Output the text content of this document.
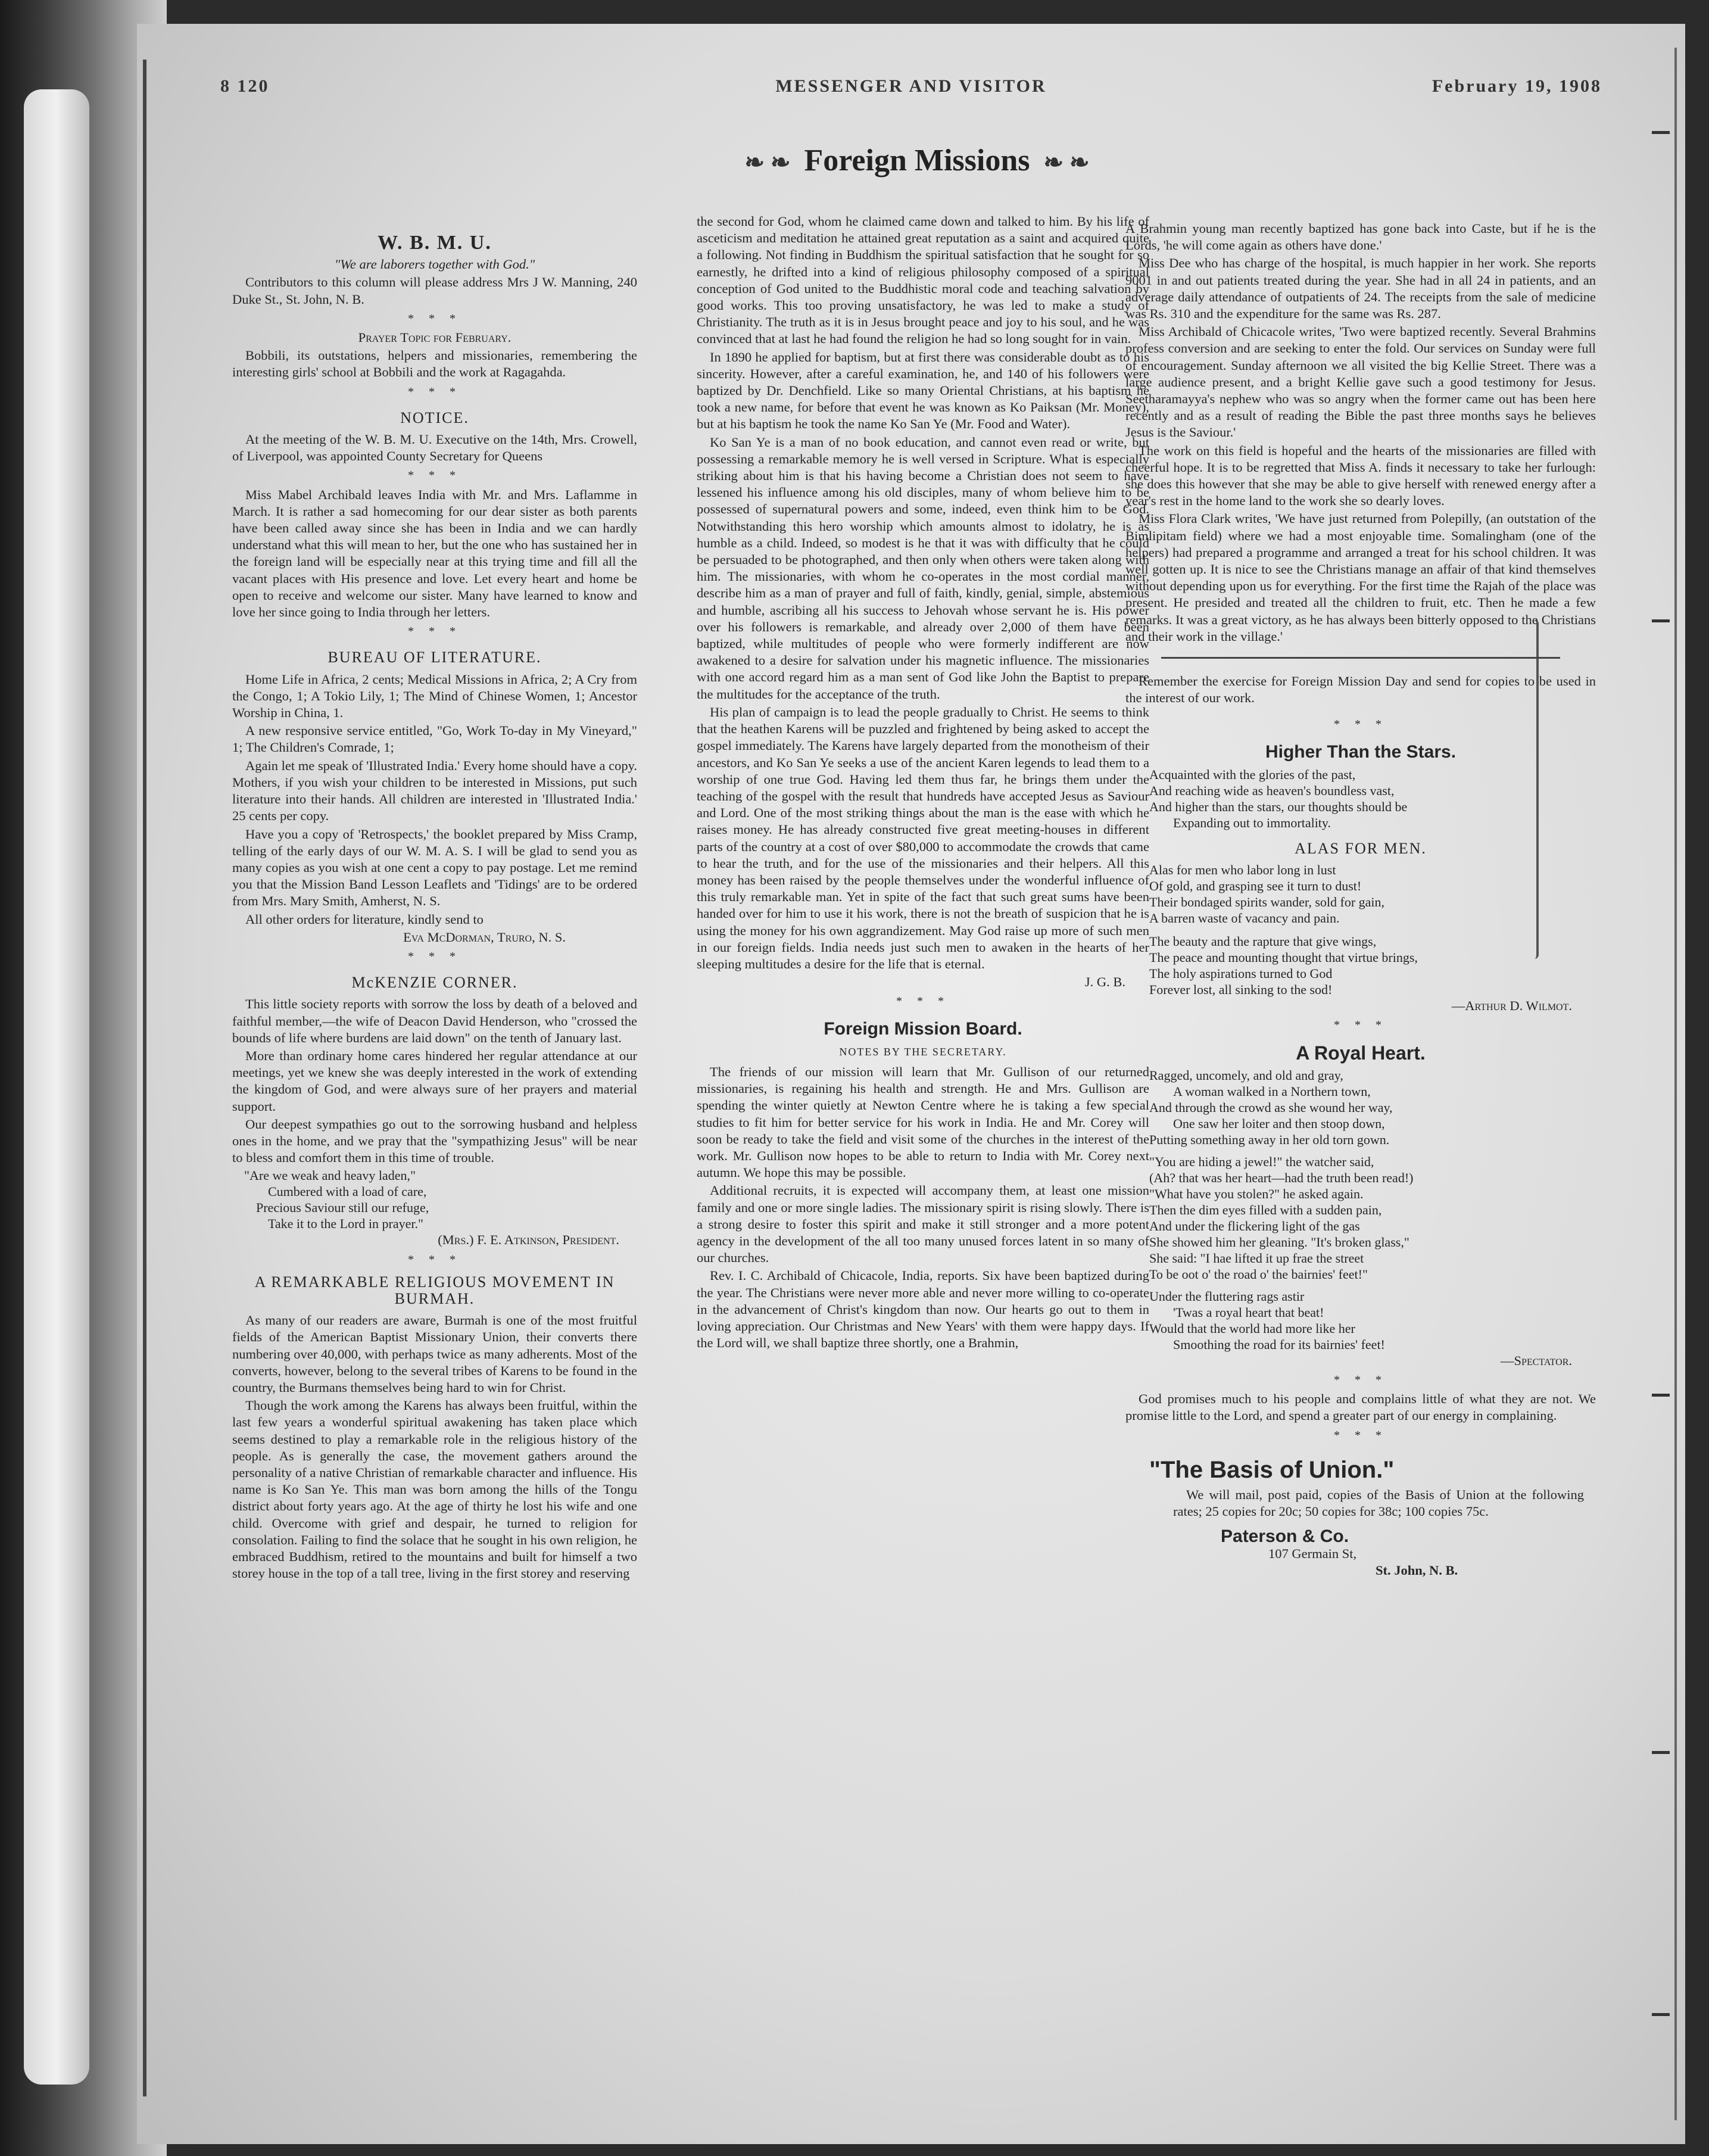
8 120	MESSENGER AND VISITOR	February 19, 1908
❧ ❧ Foreign Missions ❧ ❧
W. B. M. U.

"We are laborers together with God."

Contributors to this column will please address Mrs J W. Manning, 240 Duke St., St. John, N. B.

* * *

Prayer Topic for February.

Bobbili, its outstations, helpers and missionaries, remembering the interesting girls' school at Bobbili and the work at Ragagahda.

* * *
NOTICE.

At the meeting of the W. B. M. U. Executive on the 14th, Mrs. Crowell, of Liverpool, was appointed County Secretary for Queens

* * *

Miss Mabel Archibald leaves India with Mr. and Mrs. Laflamme in March. It is rather a sad homecoming for our dear sister as both parents have been called away since she has been in India and we can hardly understand what this will mean to her, but the one who has sustained her in the foreign land will be especially near at this trying time and fill all the vacant places with His presence and love. Let every heart and home be open to receive and welcome our sister. Many have learned to know and love her since going to India through her letters.

* * *
BUREAU OF LITERATURE.

Home Life in Africa, 2 cents; Medical Missions in Africa, 2; A Cry from the Congo, 1; A Tokio Lily, 1; The Mind of Chinese Women, 1; Ancestor Worship in China, 1.

A new responsive service entitled, "Go, Work To-day in My Vineyard," 1; The Children's Comrade, 1;

Again let me speak of 'Illustrated India.' Every home should have a copy. Mothers, if you wish your children to be interested in Missions, put such literature into their hands. All children are interested in 'Illustrated India.' 25 cents per copy.

Have you a copy of 'Retrospects,' the booklet prepared by Miss Cramp, telling of the early days of our W. M. A. S. I will be glad to send you as many copies as you wish at one cent a copy to pay postage. Let me remind you that the Mission Band Lesson Leaflets and 'Tidings' are to be ordered from Mrs. Mary Smith, Amherst, N. S.

All other orders for literature, kindly send to

Eva McDorman, Truro, N. S.

* * *
McKENZIE CORNER.

This little society reports with sorrow the loss by death of a beloved and faithful member,—the wife of Deacon David Henderson, who "crossed the bounds of life where burdens are laid down" on the tenth of January last.

More than ordinary home cares hindered her regular attendance at our meetings, yet we knew she was deeply interested in the work of extending the kingdom of God, and were always sure of her prayers and material support.

Our deepest sympathies go out to the sorrowing husband and helpless ones in the home, and we pray that the "sympathizing Jesus" will be near to bless and comfort them in this time of trouble.

"Are we weak and heavy laden,"
Cumbered with a load of care,
Precious Saviour still our refuge,
Take it to the Lord in prayer."

(Mrs.) F. E. Atkinson, President.

* * *
A REMARKABLE RELIGIOUS MOVEMENT IN BURMAH.

As many of our readers are aware, Burmah is one of the most fruitful fields of the American Baptist Missionary Union, their converts there numbering over 40,000, with perhaps twice as many adherents. Most of the converts, however, belong to the several tribes of Karens to be found in the country, the Burmans themselves being hard to win for Christ.

Though the work among the Karens has always been fruitful, within the last few years a wonderful spiritual awakening has taken place which seems destined to play a remarkable role in the religious history of the people. As is generally the case, the movement gathers around the personality of a native Christian of remarkable character and influence. His name is Ko San Ye. This man was born among the hills of the Tongu district about forty years ago. At the age of thirty he lost his wife and one child. Overcome with grief and despair, he turned to religion for consolation. Failing to find the solace that he sought in his own religion, he embraced Buddhism, retired to the mountains and built for himself a two storey house in the top of a tall tree, living in the first storey and reserving

the second for God, whom he claimed came down and talked to him. By his life of asceticism and meditation he attained great reputation as a saint and acquired quite a following. Not finding in Buddhism the spiritual satisfaction that he sought for so earnestly, he drifted into a kind of religious philosophy composed of a spiritual conception of God united to the Buddhistic moral code and teaching salvation by good works. This too proving unsatisfactory, he was led to make a study of Christianity. The truth as it is in Jesus brought peace and joy to his soul, and he was convinced that at last he had found the religion he had so long sought for in vain.

In 1890 he applied for baptism, but at first there was considerable doubt as to his sincerity. However, after a careful examination, he, and 140 of his followers were baptized by Dr. Denchfield. Like so many Oriental Christians, at his baptism he took a new name, for before that event he was known as Ko Paiksan (Mr. Money), but at his baptism he took the name Ko San Ye (Mr. Food and Water).

Ko San Ye is a man of no book education, and cannot even read or write, but possessing a remarkable memory he is well versed in Scripture. What is especially striking about him is that his having become a Christian does not seem to have lessened his influence among his old disciples, many of whom believe him to be possessed of supernatural powers and some, indeed, even think him to be God. Notwithstanding this hero worship which amounts almost to idolatry, he is as humble as a child. Indeed, so modest is he that it was with difficulty that he could be persuaded to be photographed, and then only when others were taken along with him. The missionaries, with whom he co-operates in the most cordial manner, describe him as a man of prayer and full of faith, kindly, genial, simple, abstemious and humble, ascribing all his success to Jehovah whose servant he is. His power over his followers is remarkable, and already over 2,000 of them have been baptized, while multitudes of people who were formerly indifferent are now awakened to a desire for salvation under his magnetic influence. The missionaries with one accord regard him as a man sent of God like John the Baptist to prepare the multitudes for the acceptance of the truth.

His plan of campaign is to lead the people gradually to Christ. He seems to think that the heathen Karens will be puzzled and frightened by being asked to accept the gospel immediately. The Karens have largely departed from the monotheism of their ancestors, and Ko San Ye seeks a use of the ancient Karen legends to lead them to a worship of one true God. Having led them thus far, he brings them under the teaching of the gospel with the result that hundreds have accepted Jesus as Saviour and Lord. One of the most striking things about the man is the ease with which he raises money. He has already constructed five great meeting-houses in different parts of the country at a cost of over $80,000 to accommodate the crowds that came to hear the truth, and for the use of the missionaries and their helpers. All this money has been raised by the people themselves under the wonderful influence of this truly remarkable man. Yet in spite of the fact that such great sums have been handed over for him to use it his work, there is not the breath of suspicion that he is using the money for his own aggrandizement. May God raise up more of such men in our foreign fields. India needs just such men to awaken in the hearts of her sleeping multitudes a desire for the life that is eternal.

J. G. B.

* * *
Foreign Mission Board.
NOTES BY THE SECRETARY.

The friends of our mission will learn that Mr. Gullison of our returned missionaries, is regaining his health and strength. He and Mrs. Gullison are spending the winter quietly at Newton Centre where he is taking a few special studies to fit him for better service for his work in India. He and Mr. Corey will soon be ready to take the field and visit some of the churches in the interest of the work. Mr. Gullison now hopes to be able to return to India with Mr. Corey next autumn. We hope this may be possible.

Additional recruits, it is expected will accompany them, at least one mission family and one or more single ladies. The missionary spirit is rising slowly. There is a strong desire to foster this spirit and make it still stronger and a more potent agency in the development of the all too many unused forces latent in so many of our churches.

Rev. I. C. Archibald of Chicacole, India, reports. Six have been baptized during the year. The Christians were never more able and never more willing to co-operate in the advancement of Christ's kingdom than now. Our hearts go out to them in loving appreciation. Our Christmas and New Years' with them were happy days. If the Lord will, we shall baptize three shortly, one a Brahmin,

A Brahmin young man recently baptized has gone back into Caste, but if he is the Lords, 'he will come again as others have done.'

Miss Dee who has charge of the hospital, is much happier in her work. She reports 9001 in and out patients treated during the year. She had in all 24 in patients, and an adverage daily attendance of outpatients of 24. The receipts from the sale of medicine was Rs. 310 and the expenditure for the same was Rs. 287.

Miss Archibald of Chicacole writes, 'Two were baptized recently. Several Brahmins profess conversion and are seeking to enter the fold. Our services on Sunday were full of encouragement. Sunday afternoon we all visited the big Kellie Street. There was a large audience present, and a bright Kellie gave such a good testimony for Jesus. Seetharamayya's nephew who was so angry when the former came out has been here recently and as a result of reading the Bible the past three months says he believes Jesus is the Saviour.'

The work on this field is hopeful and the hearts of the missionaries are filled with cheerful hope. It is to be regretted that Miss A. finds it necessary to take her furlough: she does this however that she may be able to give herself with renewed energy after a year's rest in the home land to the work she so dearly loves.

Miss Flora Clark writes, 'We have just returned from Polepilly, (an outstation of the Bimlipitam field) where we had a most enjoyable time. Somalingham (one of the helpers) had prepared a programme and arranged a treat for his school children. It was well gotten up. It is nice to see the Christians manage an affair of that kind themselves without depending upon us for everything. For the first time the Rajah of the place was present. He presided and treated all the children to fruit, etc. Then he made a few remarks. It was a great victory, as he has always been bitterly opposed to the Christians and their work in the village.'

Remember the exercise for Foreign Mission Day and send for copies to be used in the interest of our work.

* * *
Higher Than the Stars.
Acquainted with the glories of the past,
And reaching wide as heaven's boundless vast,
And higher than the stars, our thoughts should be
Expanding out to immortality.
ALAS FOR MEN.
Alas for men who labor long in lust
Of gold, and grasping see it turn to dust!
Their bondaged spirits wander, sold for gain,
A barren waste of vacancy and pain.
The beauty and the rapture that give wings,
The peace and mounting thought that virtue brings,
The holy aspirations turned to God
Forever lost, all sinking to the sod!

—Arthur D. Wilmot.

* * *
A Royal Heart.
Ragged, uncomely, and old and gray,
A woman walked in a Northern town,
And through the crowd as she wound her way,
One saw her loiter and then stoop down,
Putting something away in her old torn gown.
"You are hiding a jewel!" the watcher said,
(Ah? that was her heart—had the truth been read!)
"What have you stolen?" he asked again.
Then the dim eyes filled with a sudden pain,
And under the flickering light of the gas
She showed him her gleaning. "It's broken glass,"
She said: "I hae lifted it up frae the street
To be oot o' the road o' the bairnies' feet!"
Under the fluttering rags astir
'Twas a royal heart that beat!
Would that the world had more like her
Smoothing the road for its bairnies' feet!

—Spectator.

* * *

God promises much to his people and complains little of what they are not. We promise little to the Lord, and spend a greater part of our energy in complaining.

* * *
"The Basis of Union."

We will mail, post paid, copies of the Basis of Union at the following rates; 25 copies for 20c; 50 copies for 38c; 100 copies 75c.

Paterson & Co.
107 Germain St,
St. John, N. B.
